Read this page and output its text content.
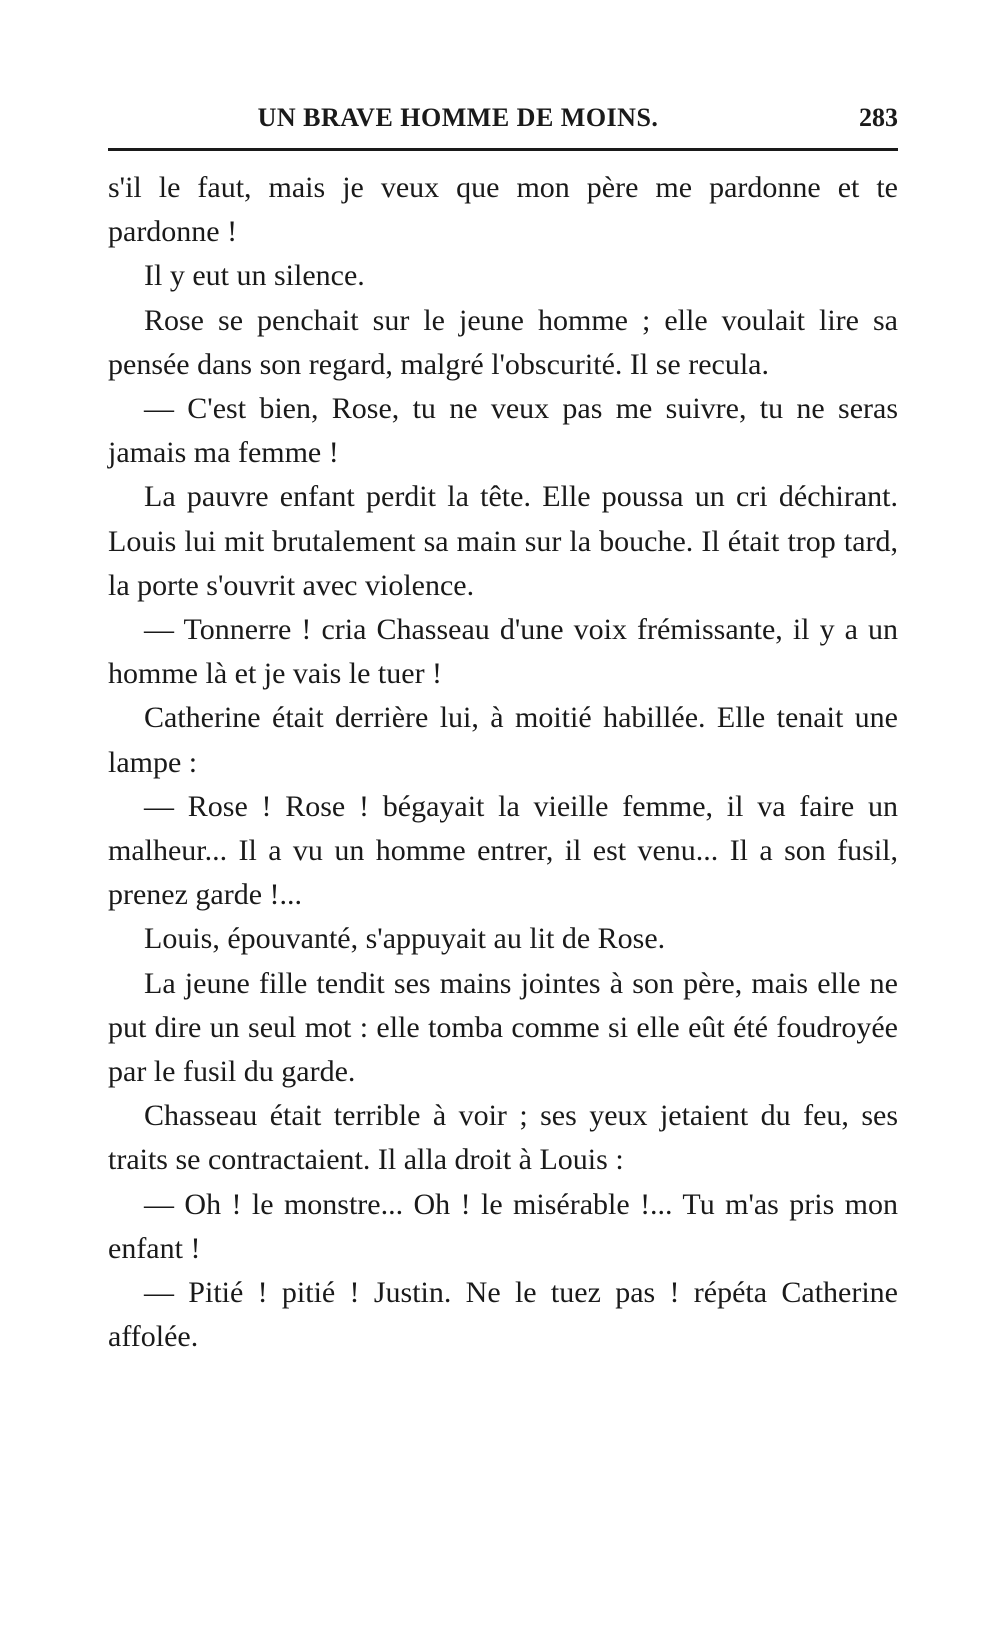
UN BRAVE HOMME DE MOINS.	283

s'il le faut, mais je veux que mon père me pardonne et te pardonne !

Il y eut un silence.

Rose se penchait sur le jeune homme ; elle voulait lire sa pensée dans son regard, malgré l'obscurité. Il se recula.

— C'est bien, Rose, tu ne veux pas me suivre, tu ne seras jamais ma femme !

La pauvre enfant perdit la tête. Elle poussa un cri déchirant. Louis lui mit brutalement sa main sur la bouche. Il était trop tard, la porte s'ouvrit avec violence.

— Tonnerre ! cria Chasseau d'une voix frémissante, il y a un homme là et je vais le tuer !

Catherine était derrière lui, à moitié habillée. Elle tenait une lampe :

— Rose ! Rose ! bégayait la vieille femme, il va faire un malheur... Il a vu un homme entrer, il est venu... Il a son fusil, prenez garde !...

Louis, épouvanté, s'appuyait au lit de Rose.

La jeune fille tendit ses mains jointes à son père, mais elle ne put dire un seul mot : elle tomba comme si elle eût été foudroyée par le fusil du garde.

Chasseau était terrible à voir ; ses yeux jetaient du feu, ses traits se contractaient. Il alla droit à Louis :

— Oh ! le monstre... Oh ! le misérable !... Tu m'as pris mon enfant !

— Pitié ! pitié ! Justin. Ne le tuez pas ! répéta Catherine affolée.
